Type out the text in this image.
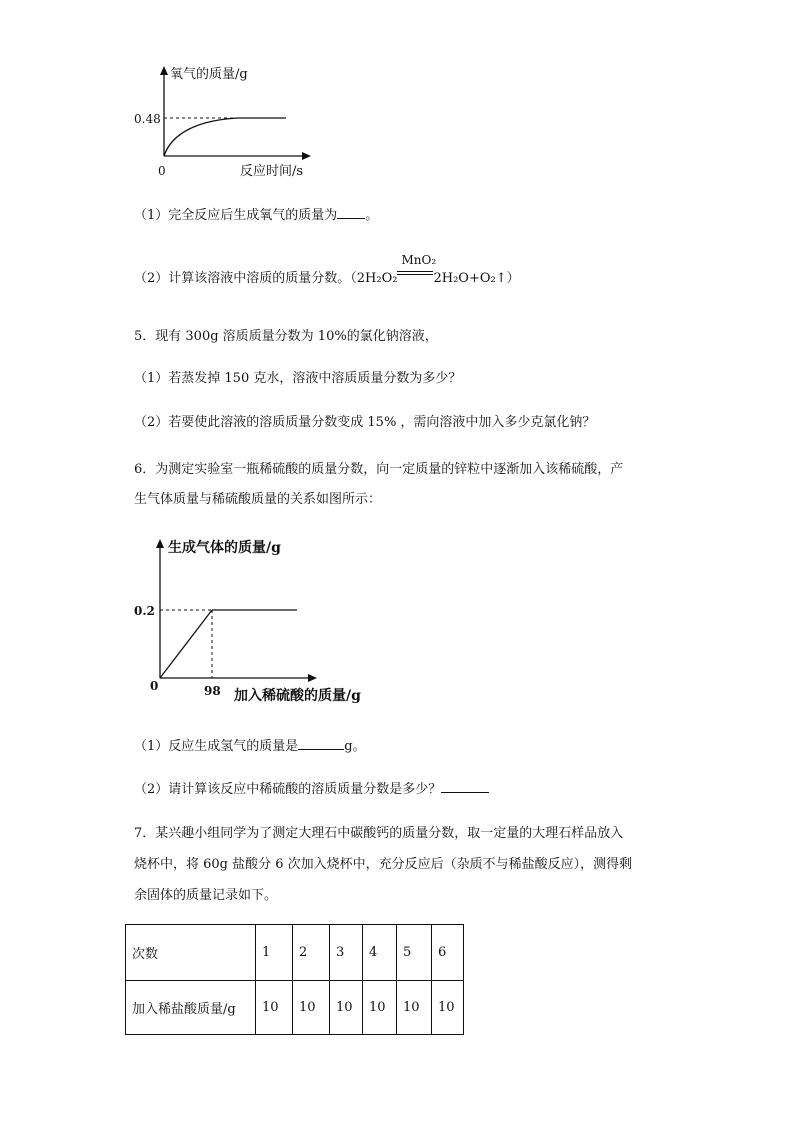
氧气的质量/g
0.48
0	反应时间/s
（1）完全反应后生成氧气的质量为 。
（2）计算该溶液中溶质的质量分数。（2H₂O₂
MnO₂
2H₂O+O₂↑）
5．现有 300g 溶质质量分数为 10%的氯化钠溶液，
（1）若蒸发掉 150 克水，溶液中溶质质量分数为多少？
（2）若要使此溶液的溶质质量分数变成 15% ，需向溶液中加入多少克氯化钠？
6．为测定实验室一瓶稀硫酸的质量分数，向一定质量的锌粒中逐渐加入该稀硫酸，产
生气体质量与稀硫酸质量的关系如图所示：
生成气体的质量/g
0.2
0	98 加入稀硫酸的质量/g
（1）反应生成氢气的质量是	g。
（2）请计算该反应中稀硫酸的溶质质量分数是多少？
7．某兴趣小组同学为了测定大理石中碳酸钙的质量分数，取一定量的大理石样品放入
烧杯中，将 60g 盐酸分 6 次加入烧杯中，充分反应后（杂质不与稀盐酸反应），测得剩
余固体的质量记录如下。
次数	1	2	3	4	5	6
加入稀盐酸质量/g	10	10	10	10	10	10
